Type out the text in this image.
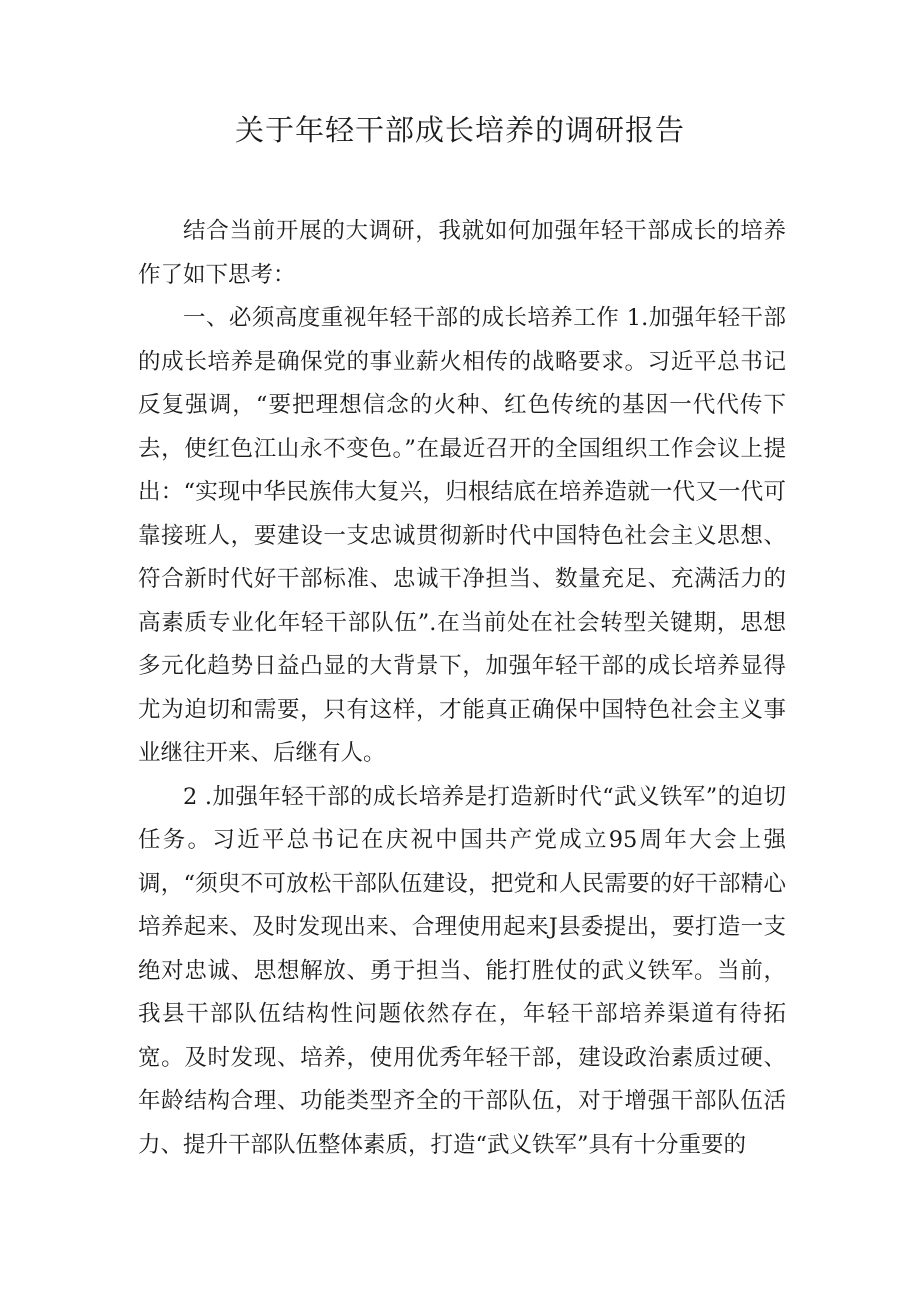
关于年轻干部成长培养的调研报告

结合当前开展的大调研，我就如何加强年轻干部成长的培养作了如下思考：

一、必须高度重视年轻干部的成长培养工作 1.加强年轻干部的成长培养是确保党的事业薪火相传的战略要求。习近平总书记反复强调，“要把理想信念的火种、红色传统的基因一代代传下去，使红色江山永不变色。”在最近召开的全国组织工作会议上提出：“实现中华民族伟大复兴，归根结底在培养造就一代又一代可靠接班人，要建设一支忠诚贯彻新时代中国特色社会主义思想、符合新时代好干部标准、忠诚干净担当、数量充足、充满活力的高素质专业化年轻干部队伍”.在当前处在社会转型关键期，思想多元化趋势日益凸显的大背景下，加强年轻干部的成长培养显得尤为迫切和需要，只有这样，才能真正确保中国特色社会主义事业继往开来、后继有人。

2 .加强年轻干部的成长培养是打造新时代“武义铁军”的迫切任务。习近平总书记在庆祝中国共产党成立95周年大会上强调，“须臾不可放松干部队伍建设，把党和人民需要的好干部精心培养起来、及时发现出来、合理使用起来J县委提出，要打造一支绝对忠诚、思想解放、勇于担当、能打胜仗的武义铁军。当前，我县干部队伍结构性问题依然存在，年轻干部培养渠道有待拓宽。及时发现、培养，使用优秀年轻干部，建设政治素质过硬、年龄结构合理、功能类型齐全的干部队伍，对于增强干部队伍活力、提升干部队伍整体素质，打造“武义铁军”具有十分重要的
